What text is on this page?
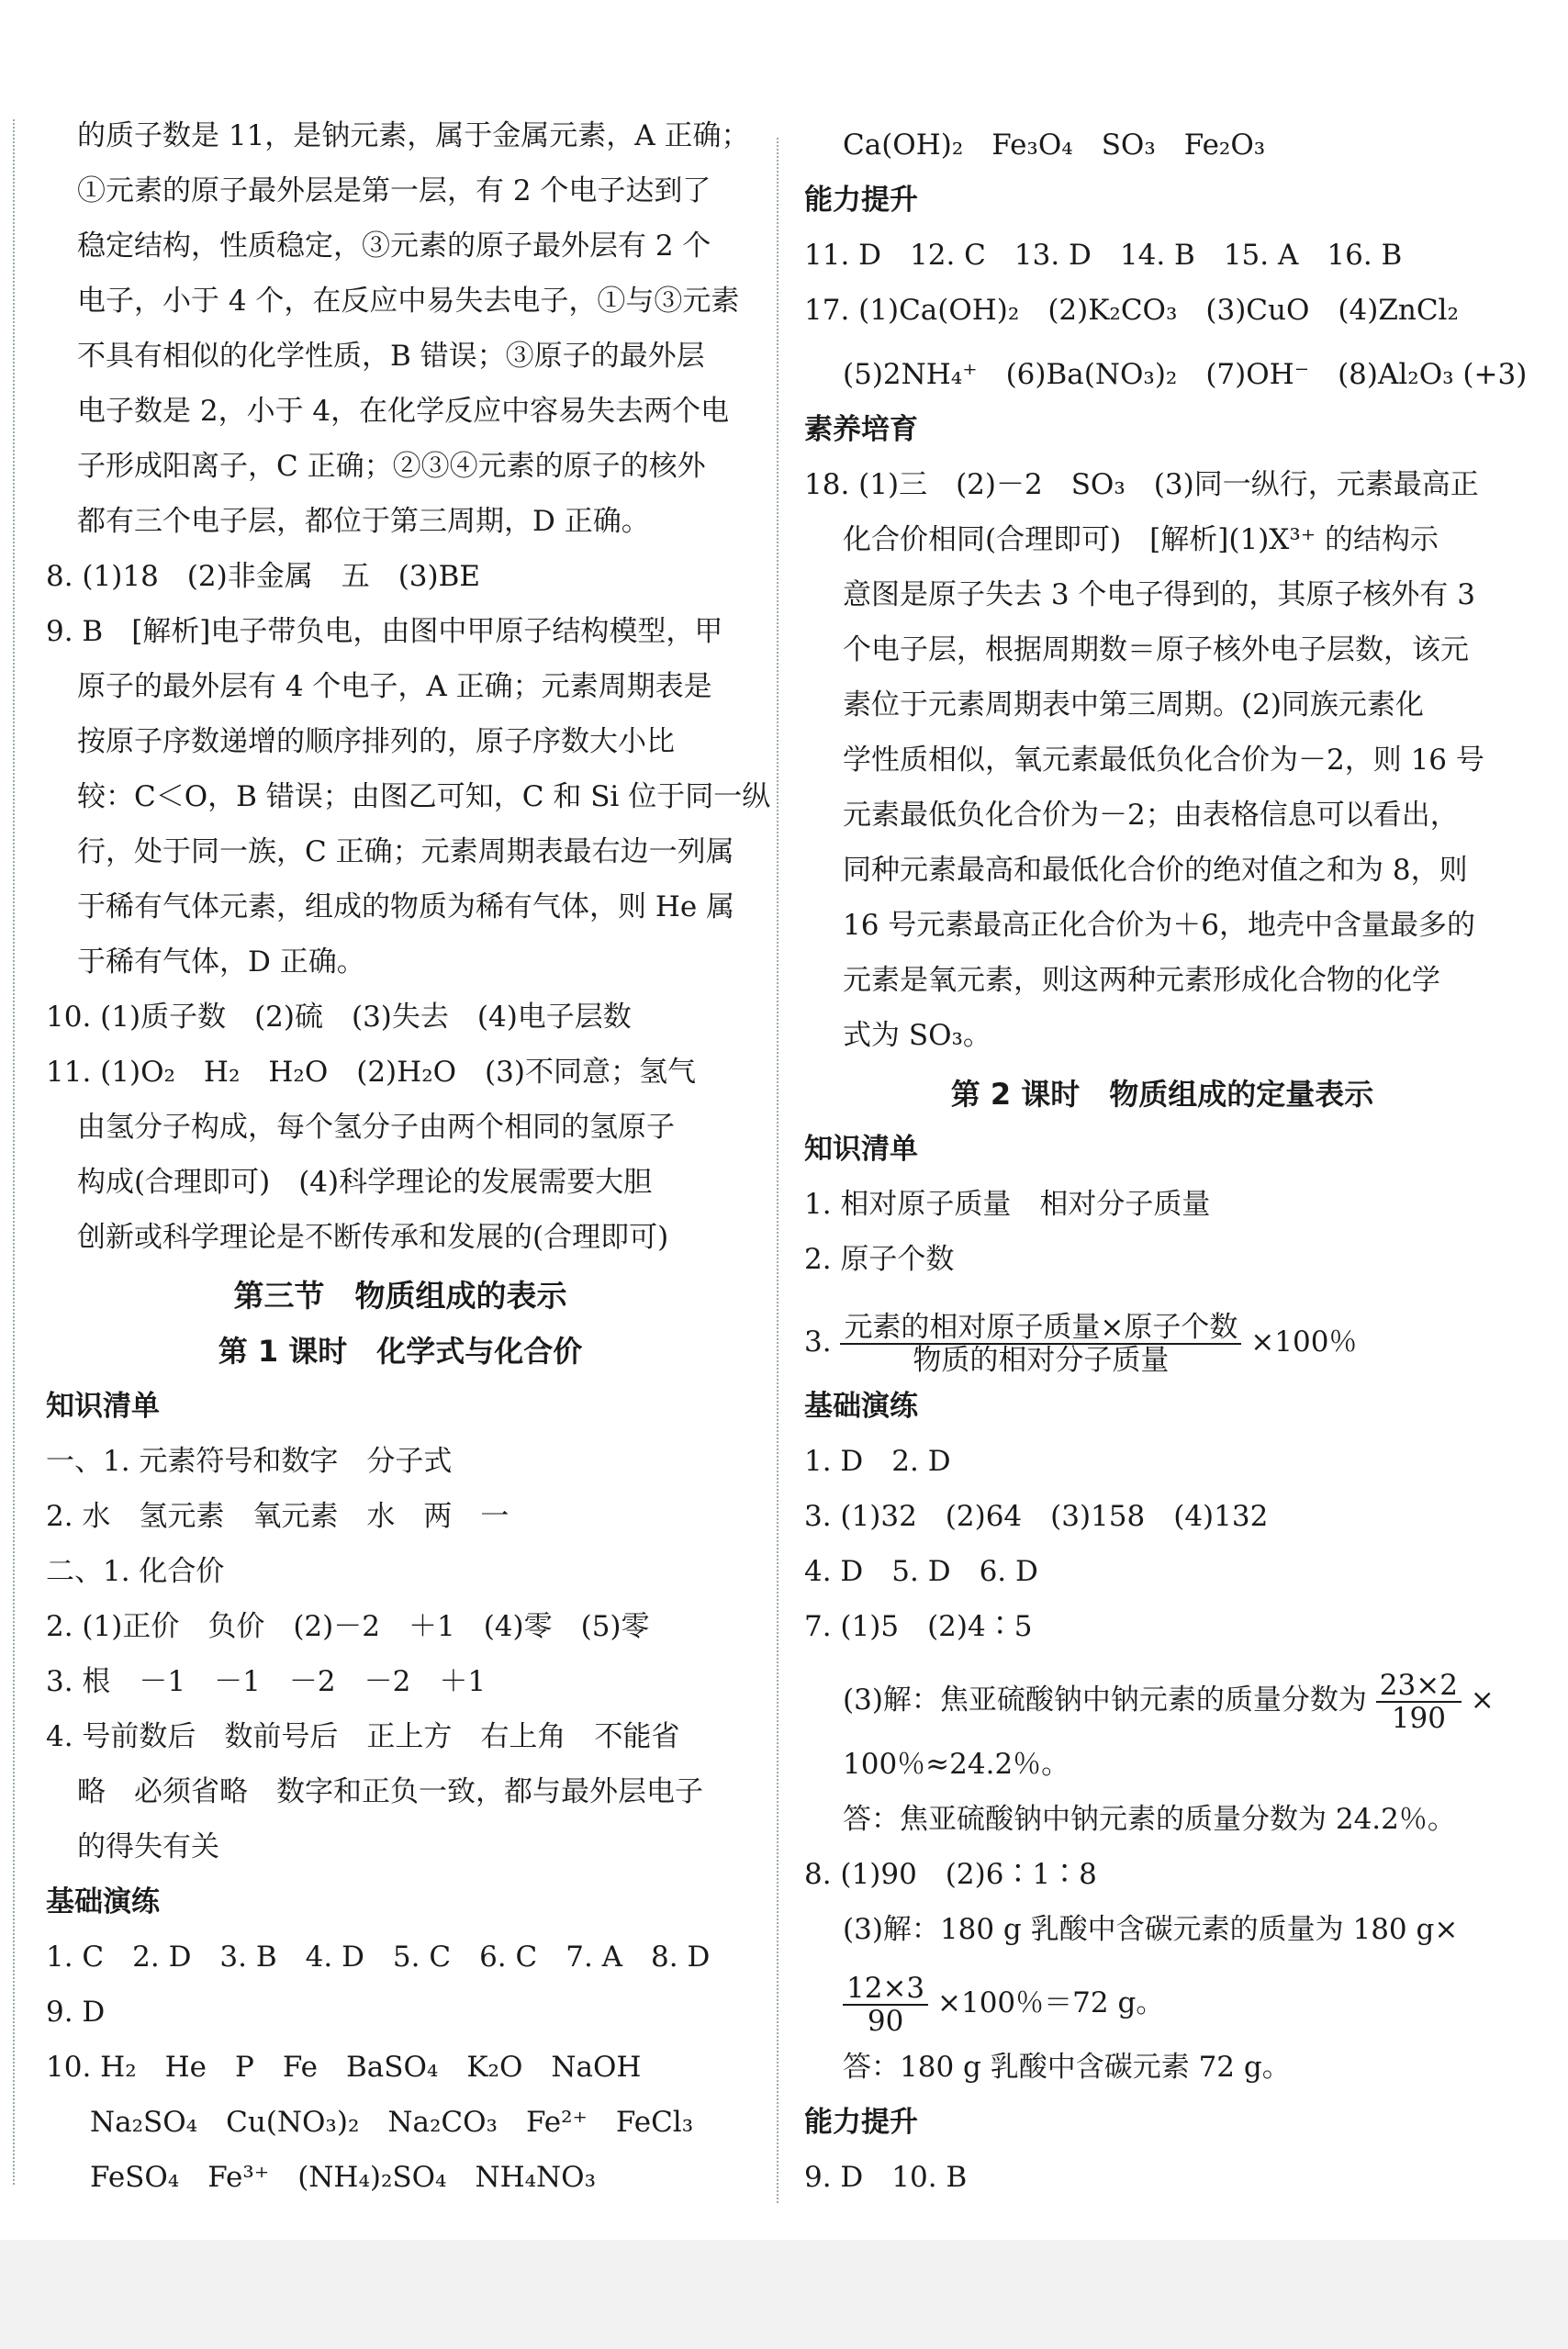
的质子数是 11，是钠元素，属于金属元素，A 正确；
①元素的原子最外层是第一层，有 2 个电子达到了
稳定结构，性质稳定，③元素的原子最外层有 2 个
电子，小于 4 个，在反应中易失去电子，①与③元素
不具有相似的化学性质，B 错误；③原子的最外层
电子数是 2，小于 4，在化学反应中容易失去两个电
子形成阳离子，C 正确；②③④元素的原子的核外
都有三个电子层，都位于第三周期，D 正确。
8. (1)18　(2)非金属　五　(3)BE
9. B　[解析]电子带负电，由图中甲原子结构模型，甲
原子的最外层有 4 个电子，A 正确；元素周期表是
按原子序数递增的顺序排列的，原子序数大小比
较：C＜O，B 错误；由图乙可知，C 和 Si 位于同一纵
行，处于同一族，C 正确；元素周期表最右边一列属
于稀有气体元素，组成的物质为稀有气体，则 He 属
于稀有气体，D 正确。
10. (1)质子数　(2)硫　(3)失去　(4)电子层数
11. (1)O₂　H₂　H₂O　(2)H₂O　(3)不同意；氢气
由氢分子构成，每个氢分子由两个相同的氢原子
构成(合理即可)　(4)科学理论的发展需要大胆
创新或科学理论是不断传承和发展的(合理即可)
第三节　物质组成的表示
第 1 课时　化学式与化合价
知识清单
一、1. 元素符号和数字　分子式
2. 水　氢元素　氧元素　水　两　一
二、1. 化合价
2. (1)正价　负价　(2)－2　＋1　(4)零　(5)零
3. 根　－1　－1　－2　－2　＋1
4. 号前数后　数前号后　正上方　右上角　不能省
略　必须省略　数字和正负一致，都与最外层电子
的得失有关
基础演练
1. C　2. D　3. B　4. D　5. C　6. C　7. A　8. D
9. D
10. H₂　He　P　Fe　BaSO₄　K₂O　NaOH
Na₂SO₄　Cu(NO₃)₂　Na₂CO₃　Fe²⁺　FeCl₃
FeSO₄　Fe³⁺　(NH₄)₂SO₄　NH₄NO₃
Ca(OH)₂　Fe₃O₄　SO₃　Fe₂O₃
能力提升
11. D　12. C　13. D　14. B　15. A　16. B
17. (1)Ca(OH)₂　(2)K₂CO₃　(3)CuO　(4)ZnCl₂
(5)2NH₄⁺　(6)Ba(NO₃)₂　(7)OH⁻　(8)Al₂O₃ (+3)
素养培育
18. (1)三　(2)－2　SO₃　(3)同一纵行，元素最高正
化合价相同(合理即可)　[解析](1)X³⁺ 的结构示
意图是原子失去 3 个电子得到的，其原子核外有 3
个电子层，根据周期数＝原子核外电子层数，该元
素位于元素周期表中第三周期。(2)同族元素化
学性质相似，氧元素最低负化合价为－2，则 16 号
元素最低负化合价为－2；由表格信息可以看出，
同种元素最高和最低化合价的绝对值之和为 8，则
16 号元素最高正化合价为＋6，地壳中含量最多的
元素是氧元素，则这两种元素形成化合物的化学
式为 SO₃。
第 2 课时　物质组成的定量表示
知识清单
1. 相对原子质量　相对分子质量
2. 原子个数
3. $\frac{\text{元素的相对原子质量×原子个数}}{\text{物质的相对分子质量}} \times 100$％
基础演练
1. D　2. D
3. (1)32　(2)64　(3)158　(4)132
4. D　5. D　6. D
7. (1)5　(2)4∶5
(3)解：焦亚硫酸钠中钠元素的质量分数为 $\frac{23\times 2}{190}$ ×
100％≈24.2％。
答：焦亚硫酸钠中钠元素的质量分数为 24.2％。
8. (1)90　(2)6∶1∶8
(3)解：180 g 乳酸中含碳元素的质量为 180 g×
$\frac{12\times 3}{90} \times 100$％＝72 g。
答：180 g 乳酸中含碳元素 72 g。
能力提升
9. D　10. B
